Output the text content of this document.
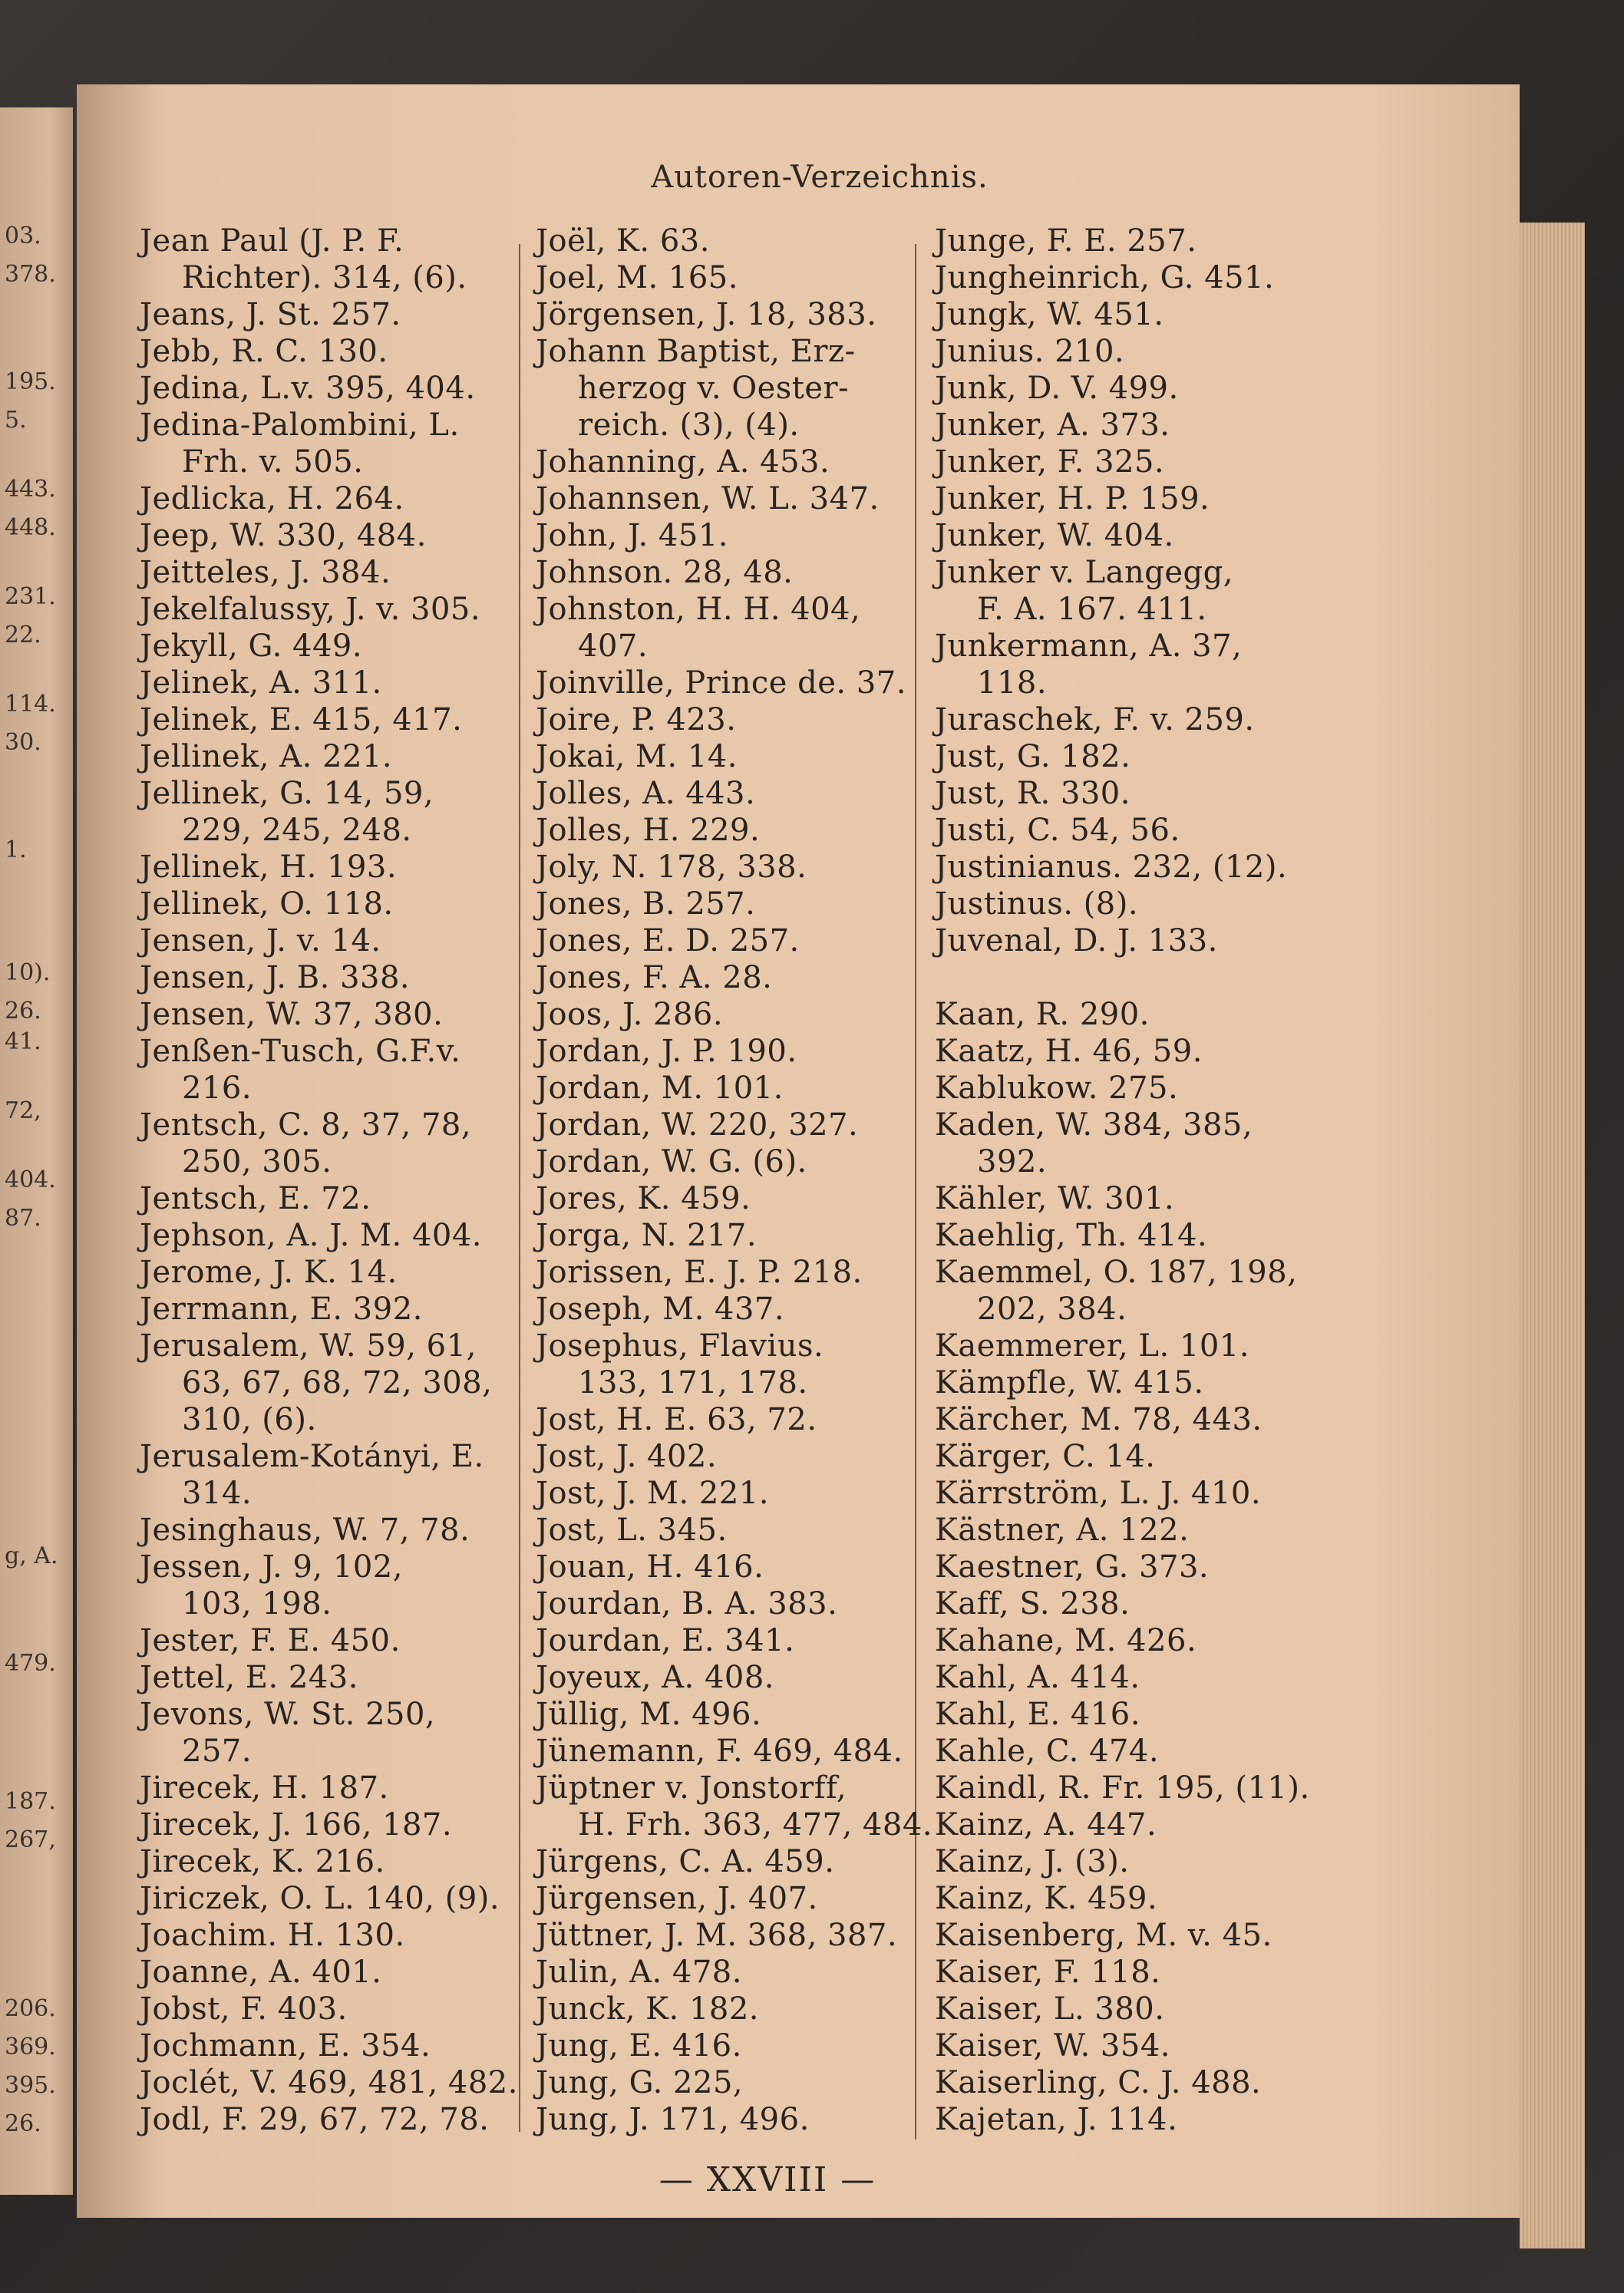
03.
378.
195.
5.
443.
448.
231.
22.
114.
30.
1.
10).
26.
41.
72,
404.
87.
g, A.
479.
187.
267,
206.
369.
395.
26.
Autoren-Verzeichnis.
Jean Paul (J. P. F.
Richter). 314, (6).
Jeans, J. St. 257.
Jebb, R. C. 130.
Jedina, L.v. 395, 404.
Jedina-Palombini, L.
Frh. v. 505.
Jedlicka, H. 264.
Jeep, W. 330, 484.
Jeitteles, J. 384.
Jekelfalussy, J. v. 305.
Jekyll, G. 449.
Jelinek, A. 311.
Jelinek, E. 415, 417.
Jellinek, A. 221.
Jellinek, G. 14, 59,
229, 245, 248.
Jellinek, H. 193.
Jellinek, O. 118.
Jensen, J. v. 14.
Jensen, J. B. 338.
Jensen, W. 37, 380.
Jenßen-Tusch, G.F.v.
216.
Jentsch, C. 8, 37, 78,
250, 305.
Jentsch, E. 72.
Jephson, A. J. M. 404.
Jerome, J. K. 14.
Jerrmann, E. 392.
Jerusalem, W. 59, 61,
63, 67, 68, 72, 308,
310, (6).
Jerusalem-Kotányi, E.
314.
Jesinghaus, W. 7, 78.
Jessen, J. 9, 102,
103, 198.
Jester, F. E. 450.
Jettel, E. 243.
Jevons, W. St. 250,
257.
Jirecek, H. 187.
Jirecek, J. 166, 187.
Jirecek, K. 216.
Jiriczek, O. L. 140, (9).
Joachim. H. 130.
Joanne, A. 401.
Jobst, F. 403.
Jochmann, E. 354.
Joclét, V. 469, 481, 482.
Jodl, F. 29, 67, 72, 78.
Joël, K. 63.
Joel, M. 165.
Jörgensen, J. 18, 383.
Johann Baptist, Erz-
herzog v. Oester-
reich. (3), (4).
Johanning, A. 453.
Johannsen, W. L. 347.
John, J. 451.
Johnson. 28, 48.
Johnston, H. H. 404,
407.
Joinville, Prince de. 37.
Joire, P. 423.
Jokai, M. 14.
Jolles, A. 443.
Jolles, H. 229.
Joly, N. 178, 338.
Jones, B. 257.
Jones, E. D. 257.
Jones, F. A. 28.
Joos, J. 286.
Jordan, J. P. 190.
Jordan, M. 101.
Jordan, W. 220, 327.
Jordan, W. G. (6).
Jores, K. 459.
Jorga, N. 217.
Jorissen, E. J. P. 218.
Joseph, M. 437.
Josephus, Flavius.
133, 171, 178.
Jost, H. E. 63, 72.
Jost, J. 402.
Jost, J. M. 221.
Jost, L. 345.
Jouan, H. 416.
Jourdan, B. A. 383.
Jourdan, E. 341.
Joyeux, A. 408.
Jüllig, M. 496.
Jünemann, F. 469, 484.
Jüptner v. Jonstorff,
H. Frh. 363, 477, 484.
Jürgens, C. A. 459.
Jürgensen, J. 407.
Jüttner, J. M. 368, 387.
Julin, A. 478.
Junck, K. 182.
Jung, E. 416.
Jung, G. 225,
Jung, J. 171, 496.
Junge, F. E. 257.
Jungheinrich, G. 451.
Jungk, W. 451.
Junius. 210.
Junk, D. V. 499.
Junker, A. 373.
Junker, F. 325.
Junker, H. P. 159.
Junker, W. 404.
Junker v. Langegg,
F. A. 167. 411.
Junkermann, A. 37,
118.
Juraschek, F. v. 259.
Just, G. 182.
Just, R. 330.
Justi, C. 54, 56.
Justinianus. 232, (12).
Justinus. (8).
Juvenal, D. J. 133.
Kaan, R. 290.
Kaatz, H. 46, 59.
Kablukow. 275.
Kaden, W. 384, 385,
392.
Kähler, W. 301.
Kaehlig, Th. 414.
Kaemmel, O. 187, 198,
202, 384.
Kaemmerer, L. 101.
Kämpfle, W. 415.
Kärcher, M. 78, 443.
Kärger, C. 14.
Kärrström, L. J. 410.
Kästner, A. 122.
Kaestner, G. 373.
Kaff, S. 238.
Kahane, M. 426.
Kahl, A. 414.
Kahl, E. 416.
Kahle, C. 474.
Kaindl, R. Fr. 195, (11).
Kainz, A. 447.
Kainz, J. (3).
Kainz, K. 459.
Kaisenberg, M. v. 45.
Kaiser, F. 118.
Kaiser, L. 380.
Kaiser, W. 354.
Kaiserling, C. J. 488.
Kajetan, J. 114.
— XXVIII —
